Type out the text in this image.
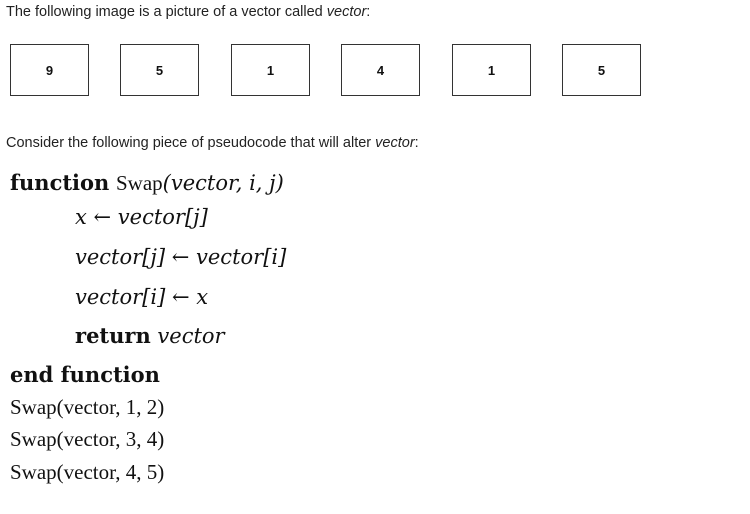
The following image is a picture of a vector called vector:
9	5	1	4	1	5
Consider the following piece of pseudocode that will alter vector:
function Swap(vector, i, j)
x ← vector[j]
vector[j] ← vector[i]
vector[i] ← x
return vector
end function
Swap(vector, 1, 2)
Swap(vector, 3, 4)
Swap(vector, 4, 5)
